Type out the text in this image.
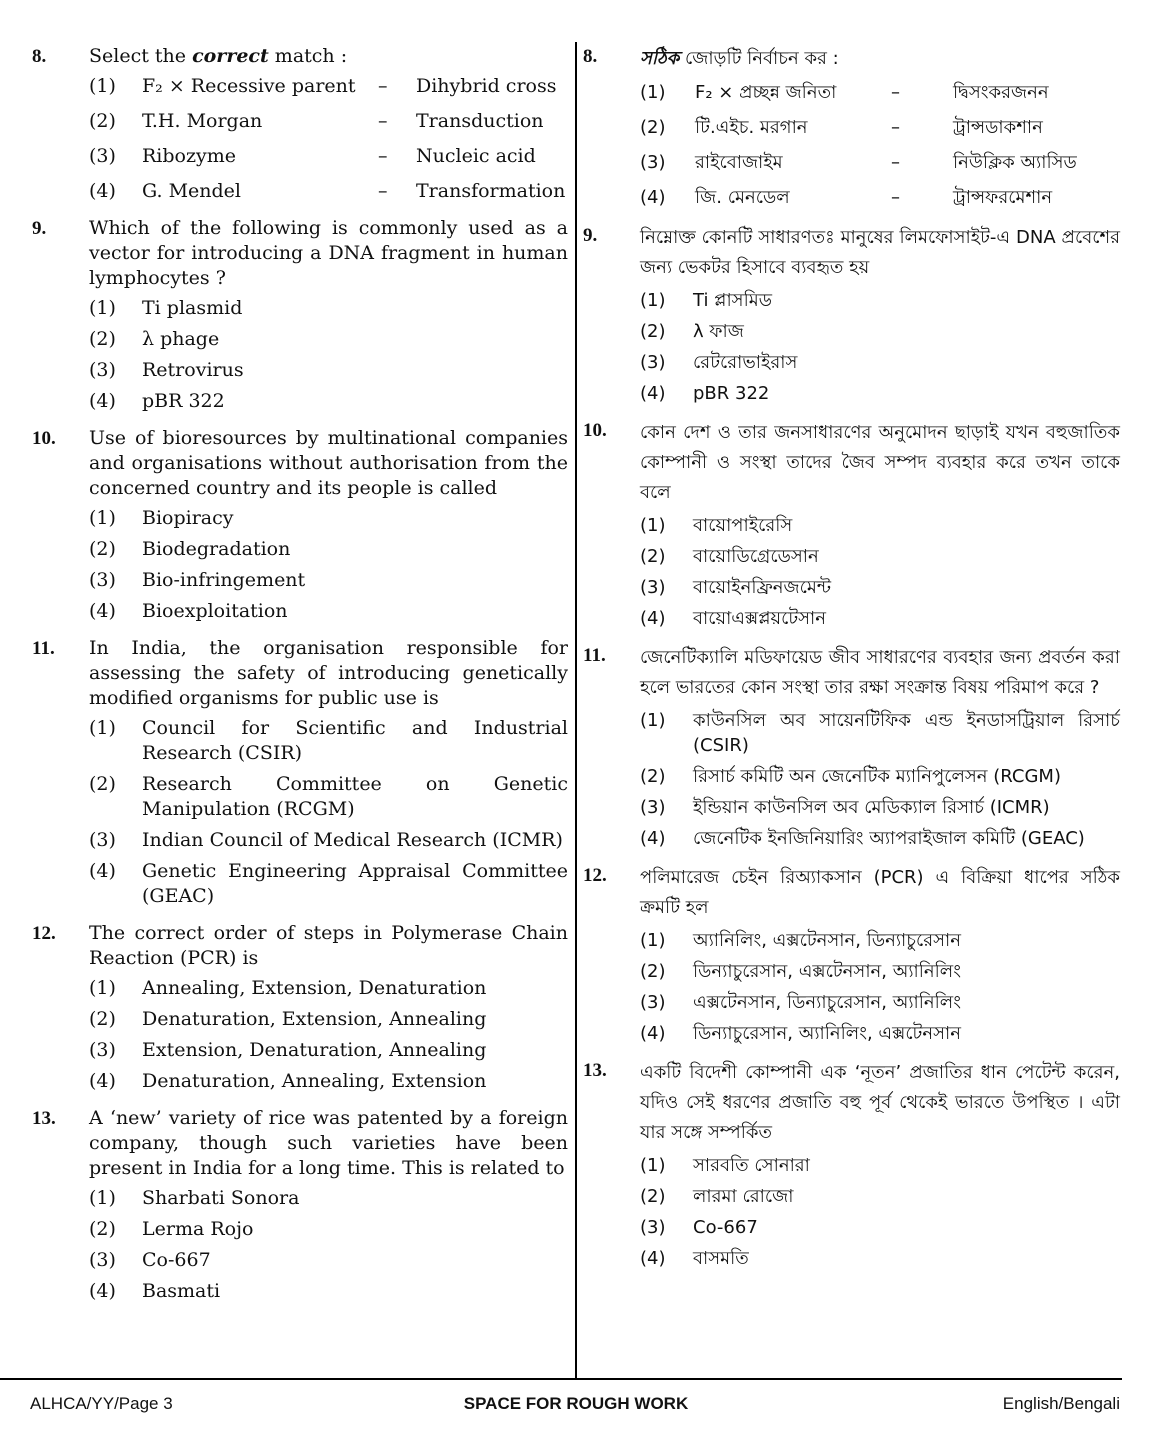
8. Select the correct match :
(1)	F₂ × Recessive parent	–	Dihybrid cross
(2)	T.H. Morgan	–	Transduction
(3)	Ribozyme	–	Nucleic acid
(4)	G. Mendel	–	Transformation
9. Which of the following is commonly used as a vector for introducing a DNA fragment in human lymphocytes ?
(1) Ti plasmid
(2) λ phage
(3) Retrovirus
(4) pBR 322
10. Use of bioresources by multinational companies and organisations without authorisation from the concerned country and its people is called
(1) Biopiracy
(2) Biodegradation
(3) Bio-infringement
(4) Bioexploitation
11. In India, the organisation responsible for assessing the safety of introducing genetically modified organisms for public use is
(1) Council for Scientific and Industrial Research (CSIR)
(2) Research Committee on Genetic Manipulation (RCGM)
(3) Indian Council of Medical Research (ICMR)
(4) Genetic Engineering Appraisal Committee (GEAC)
12. The correct order of steps in Polymerase Chain Reaction (PCR) is
(1) Annealing, Extension, Denaturation
(2) Denaturation, Extension, Annealing
(3) Extension, Denaturation, Annealing
(4) Denaturation, Annealing, Extension
13. A ‘new’ variety of rice was patented by a foreign company, though such varieties have been present in India for a long time. This is related to
(1) Sharbati Sonora
(2) Lerma Rojo
(3) Co-667
(4) Basmati
8. সঠিক জোড়টি নির্বাচন কর :
(1)	F₂ × প্রচ্ছন্ন জনিতা	–	দ্বিসংকরজনন
(2)	টি.এইচ. মরগান	–	ট্রান্সডাকশান
(3)	রাইবোজাইম	–	নিউক্লিক অ্যাসিড
(4)	জি. মেনডেল	–	ট্রান্সফরমেশান
9. নিম্নোক্ত কোনটি সাধারণতঃ মানুষের লিমফোসাইট-এ DNA প্রবেশের জন্য ভেকটর হিসাবে ব্যবহৃত হয়
(1) Ti প্লাসমিড
(2) λ ফাজ
(3) রেটরোভাইরাস
(4) pBR 322
10. কোন দেশ ও তার জনসাধারণের অনুমোদন ছাড়াই যখন বহুজাতিক কোম্পানী ও সংস্থা তাদের জৈব সম্পদ ব্যবহার করে তখন তাকে বলে
(1) বায়োপাইরেসি
(2) বায়োডিগ্রেডেসান
(3) বায়োইনফ্রিনজমেন্ট
(4) বায়োএক্সপ্লয়টেসান
11. জেনেটিক্যালি মডিফায়েড জীব সাধারণের ব্যবহার জন্য প্রবর্তন করা হলে ভারতের কোন সংস্থা তার রক্ষা সংক্রান্ত বিষয় পরিমাপ করে ?
(1) কাউনসিল অব সায়েনটিফিক এন্ড ইনডাসট্রিয়াল রিসার্চ (CSIR)
(2) রিসার্চ কমিটি অন জেনেটিক ম্যানিপুলেসন (RCGM)
(3) ইন্ডিয়ান কাউনসিল অব মেডিক্যাল রিসার্চ (ICMR)
(4) জেনেটিক ইনজিনিয়ারিং অ্যাপরাইজাল কমিটি (GEAC)
12. পলিমারেজ চেইন রিঅ্যাকসান (PCR) এ বিক্রিয়া ধাপের সঠিক ক্রমটি হল
(1) অ্যানিলিং, এক্সটেনসান, ডিন্যাচুরেসান
(2) ডিন্যাচুরেসান, এক্সটেনসান, অ্যানিলিং
(3) এক্সটেনসান, ডিন্যাচুরেসান, অ্যানিলিং
(4) ডিন্যাচুরেসান, অ্যানিলিং, এক্সটেনসান
13. একটি বিদেশী কোম্পানী এক ‘নূতন’ প্রজাতির ধান পেটেন্ট করেন, যদিও সেই ধরণের প্রজাতি বহু পূর্ব থেকেই ভারতে উপস্থিত । এটা যার সঙ্গে সম্পর্কিত
(1) সারবতি সোনারা
(2) লারমা রোজো
(3) Co-667
(4) বাসমতি
ALHCA/YY/Page 3	SPACE FOR ROUGH WORK	English/Bengali
